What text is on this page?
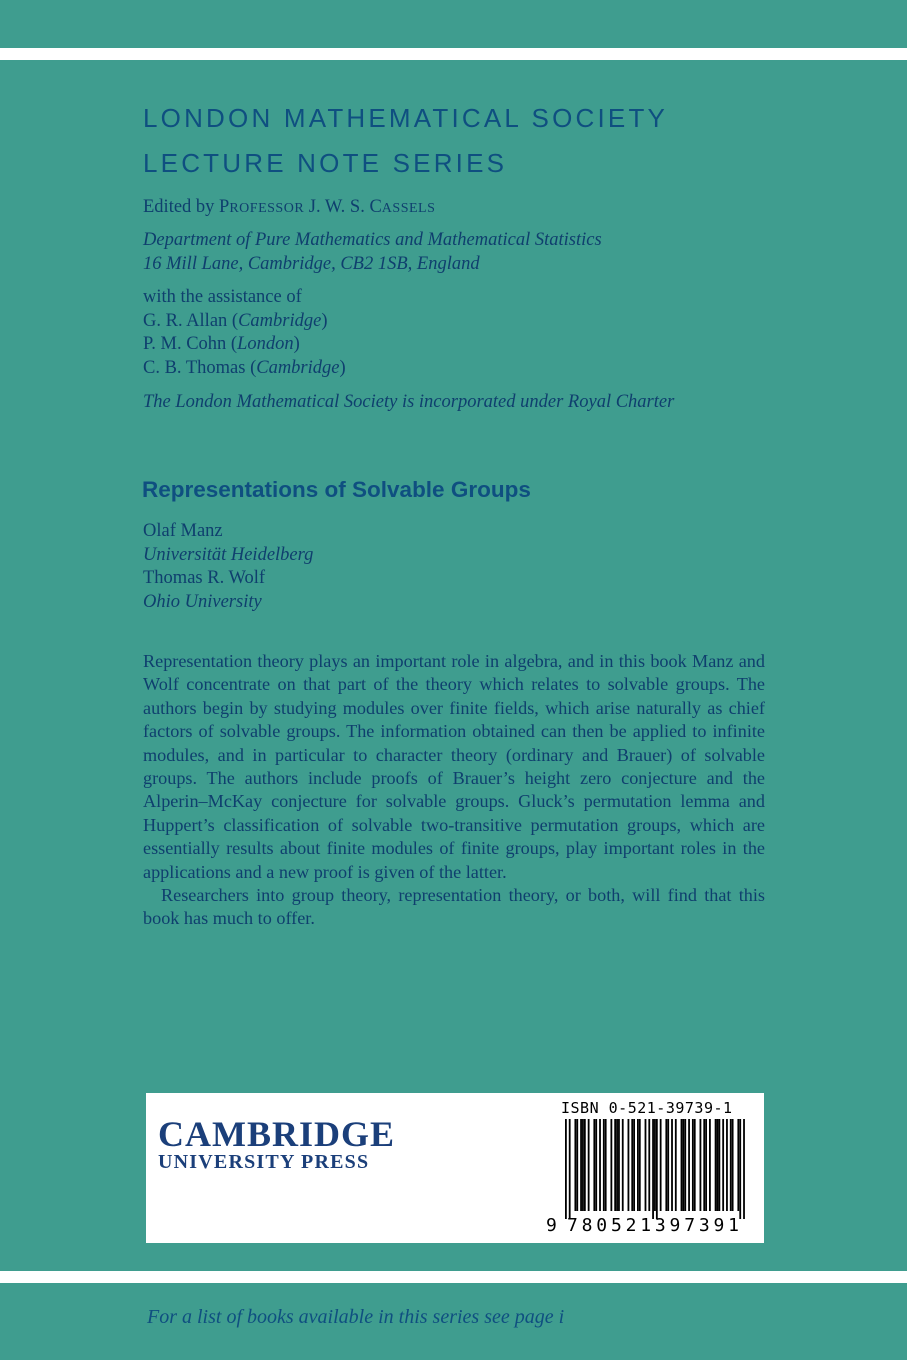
LONDON MATHEMATICAL SOCIETY
LECTURE NOTE SERIES
Edited by PROFESSOR J. W. S. CASSELS
Department of Pure Mathematics and Mathematical Statistics
16 Mill Lane, Cambridge, CB2 1SB, England
with the assistance of
G. R. Allan (Cambridge)
P. M. Cohn (London)
C. B. Thomas (Cambridge)
The London Mathematical Society is incorporated under Royal Charter
Representations of Solvable Groups
Olaf Manz
Universität Heidelberg
Thomas R. Wolf
Ohio University

Representation theory plays an important role in algebra, and in this book Manz and Wolf concentrate on that part of the theory which relates to solvable groups. The authors begin by studying modules over finite fields, which arise naturally as chief factors of solvable groups. The information obtained can then be applied to infinite modules, and in particular to character theory (ordinary and Brauer) of solvable groups. The authors include proofs of Brauer’s height zero conjecture and the Alperin–McKay conjecture for solvable groups. Gluck’s permutation lemma and Huppert’s classification of solvable two-transitive permutation groups, which are essentially results about finite modules of finite groups, play important roles in the applications and a new proof is given of the latter.

Researchers into group theory, representation theory, or both, will find that this book has much to offer.

CAMBRIDGE
UNIVERSITY PRESS
ISBN 0-521-39739-1
9 780521397391
For a list of books available in this series see page i
